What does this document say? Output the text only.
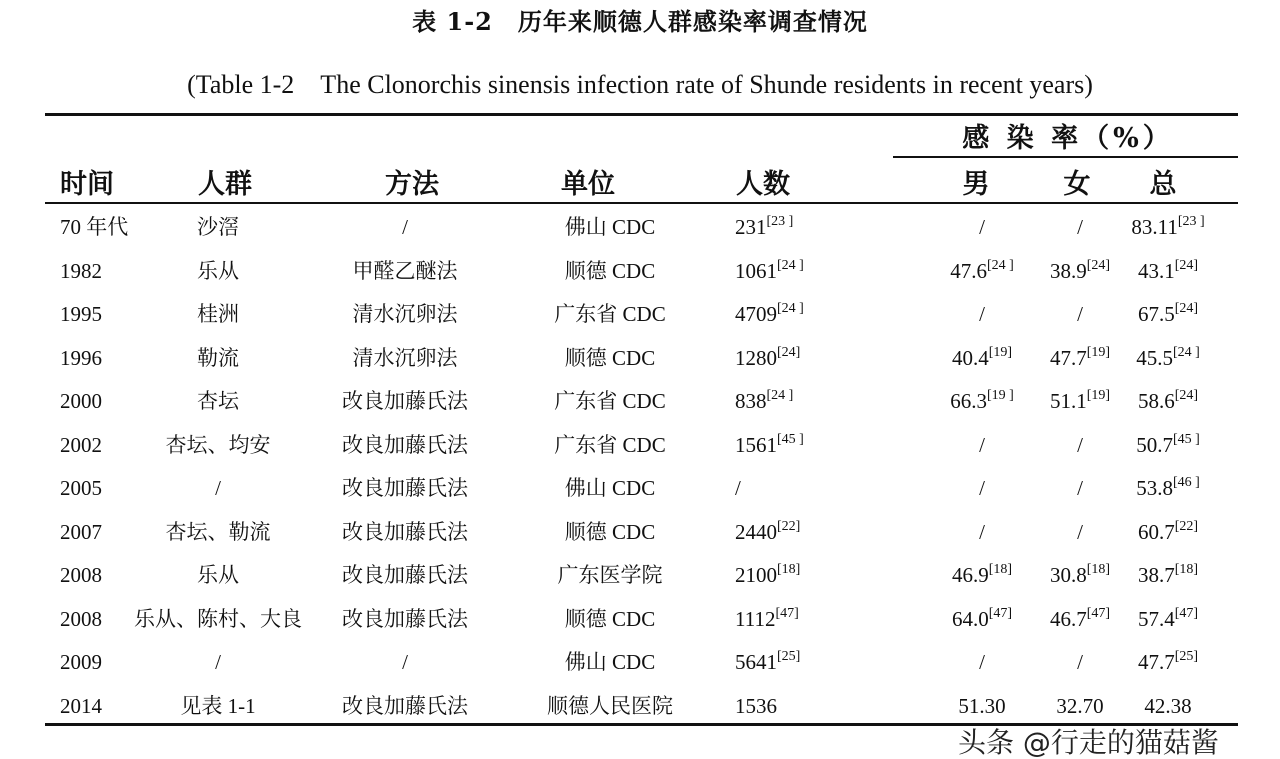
表 1-2　历年来顺德人群感染率调查情况
(Table 1-2　The Clonorchis sinensis infection rate of Shunde residents in recent years)
感 染 率（%）
时间	人群	方法	单位	人数	男	女 总
70 年代	沙滘	/	佛山 CDC	231[23 ]	/	/ 83.11[23 ]
1982	乐从	甲醛乙醚法	顺德 CDC	1061[24 ]	47.6[24 ] 38.9[24] 43.1[24]
1995	桂洲	清水沉卵法	广东省 CDC	4709[24 ]	/	/	67.5[24]
1996	勒流	清水沉卵法	顺德 CDC	1280[24]	40.4[19] 47.7[19] 45.5[24 ]
2000	杏坛	改良加藤氏法	广东省 CDC	838[24 ]	66.3[19 ] 51.1[19] 58.6[24]
2002	杏坛、均安	改良加藤氏法	广东省 CDC	1561[45 ]	/	/	50.7[45 ]
2005	/	改良加藤氏法	佛山 CDC	/	/	/	53.8[46 ]
2007	杏坛、勒流	改良加藤氏法	顺德 CDC	2440[22]	/	/	60.7[22]
2008	乐从	改良加藤氏法	广东医学院	2100[18]	46.9[18] 30.8[18] 38.7[18]
2008 乐从、陈村、大良 改良加藤氏法	顺德 CDC	1112[47]	64.0[47] 46.7[47] 57.4[47]
2009	/	/	佛山 CDC	5641[25]	/	/	47.7[25]
2014	见表 1-1	改良加藤氏法	顺德人民医院	1536	51.30 32.70 42.38
头条 @行走的猫菇酱
